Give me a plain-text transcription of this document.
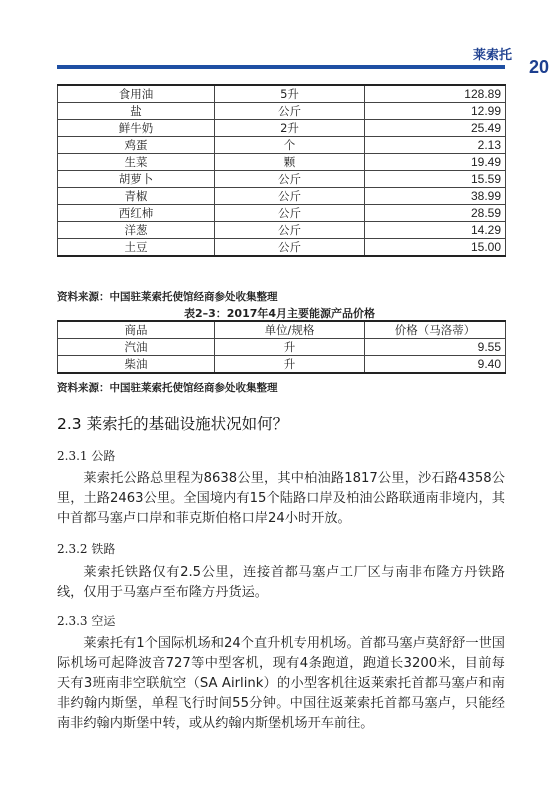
莱索托
20
食用油	5升	128.89
盐	公斤	12.99
鲜牛奶	2升	25.49
鸡蛋	个	2.13
生菜	颗	19.49
胡萝卜	公斤	15.59
青椒	公斤	38.99
西红柿	公斤	28.59
洋葱	公斤	14.29
土豆	公斤	15.00
资料来源：中国驻莱索托使馆经商参处收集整理
表2–3：2017年4月主要能源产品价格
商品	单位/规格	价格（马洛蒂）
汽油	升	9.55
柴油	升	9.40
资料来源：中国驻莱索托使馆经商参处收集整理
2.3 莱索托的基础设施状况如何？
2.3.1 公路

莱索托公路总里程为8638公里，其中柏油路1817公里，沙石路4358公里，土路2463公里。全国境内有15个陆路口岸及柏油公路联通南非境内，其中首都马塞卢口岸和菲克斯伯格口岸24小时开放。

2.3.2 铁路

莱索托铁路仅有2.5公里，连接首都马塞卢工厂区与南非布隆方丹铁路线，仅用于马塞卢至布隆方丹货运。

2.3.3 空运

莱索托有1个国际机场和24个直升机专用机场。首都马塞卢莫舒舒一世国际机场可起降波音727等中型客机，现有4条跑道，跑道长3200米，目前每天有3班南非空联航空（SA Airlink）的小型客机往返莱索托首都马塞卢和南非约翰内斯堡，单程飞行时间55分钟。中国往返莱索托首都马塞卢，只能经南非约翰内斯堡中转，或从约翰内斯堡机场开车前往。
